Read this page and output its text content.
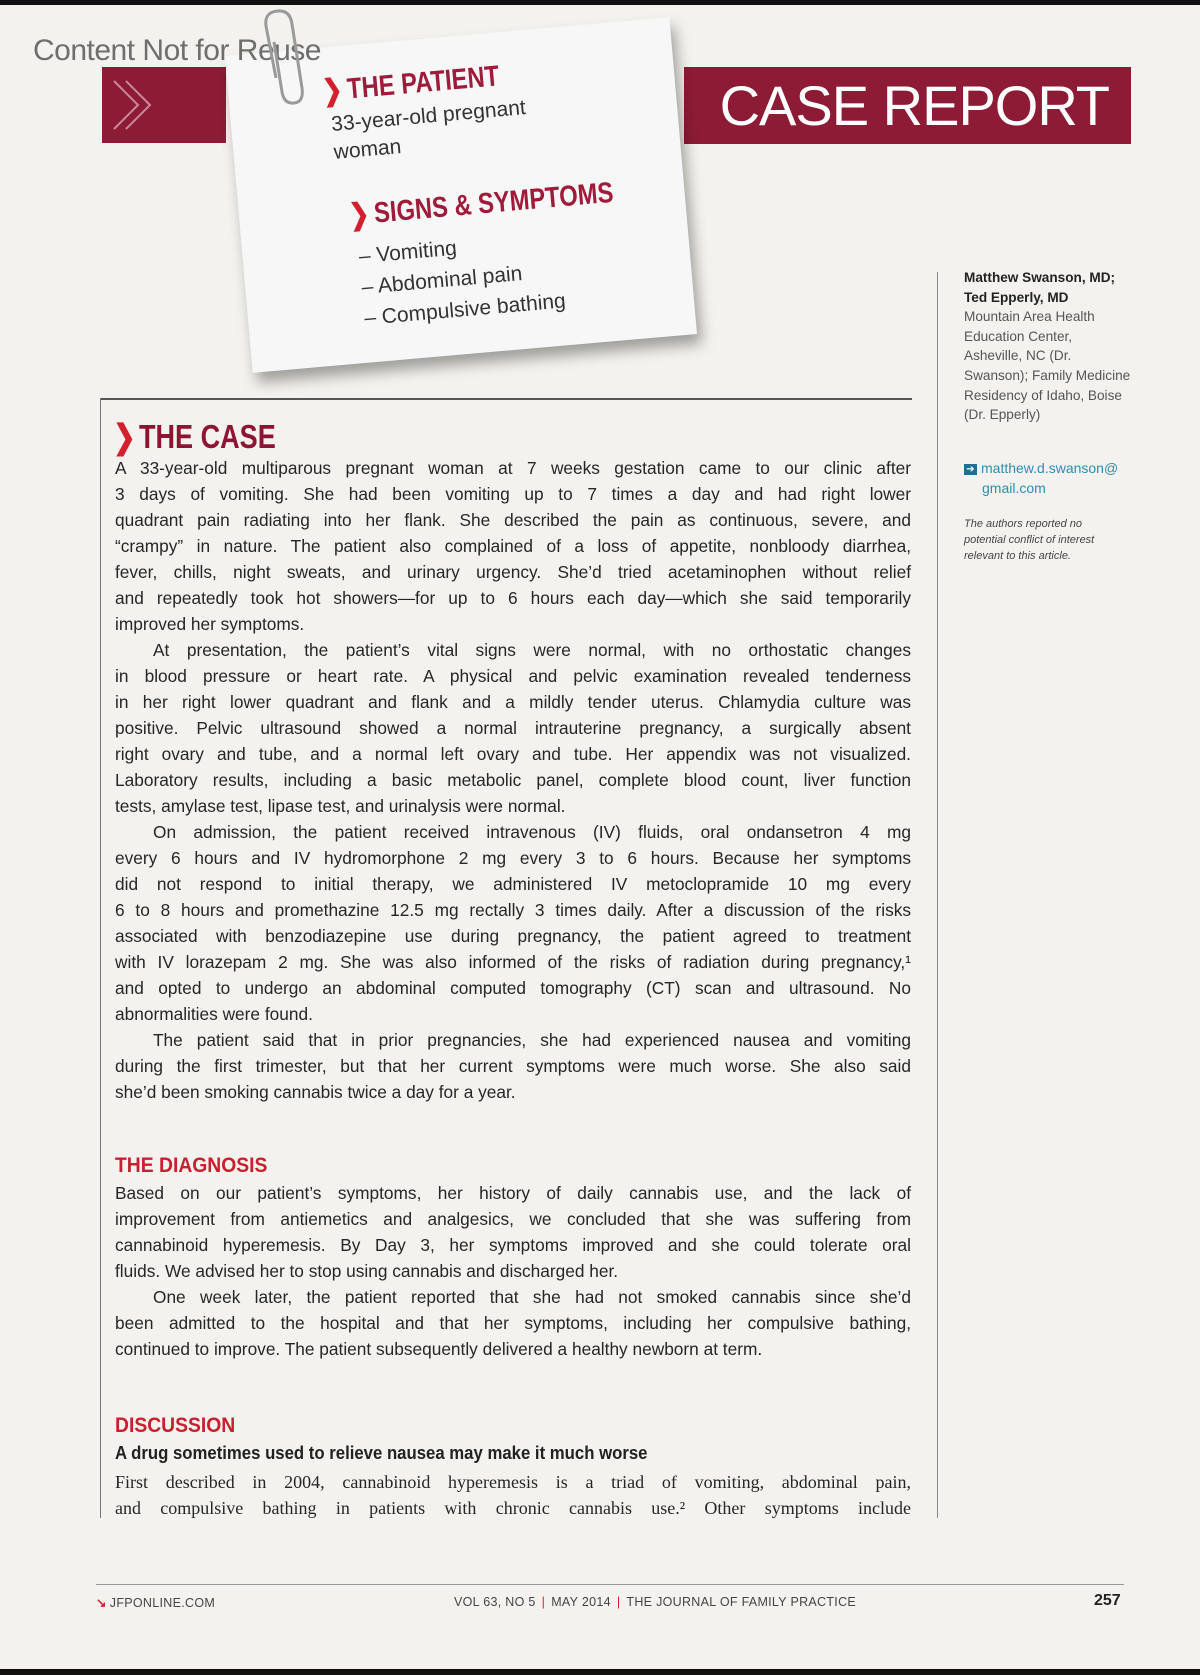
Content Not for Reuse
CASE REPORT
❯THE PATIENT
33-year-old pregnant
woman
❯SIGNS & SYMPTOMS
– Vomiting
– Abdominal pain
– Compulsive bathing
❯THE CASE
A 33-year-old multiparous pregnant woman at 7 weeks gestation came to our clinic after
3 days of vomiting. She had been vomiting up to 7 times a day and had right lower
quadrant pain radiating into her flank. She described the pain as continuous, severe, and
“crampy” in nature. The patient also complained of a loss of appetite, nonbloody diarrhea,
fever, chills, night sweats, and urinary urgency. She’d tried acetaminophen without relief
and repeatedly took hot showers—for up to 6 hours each day—which she said temporarily
improved her symptoms.
At presentation, the patient’s vital signs were normal, with no orthostatic changes
in blood pressure or heart rate. A physical and pelvic examination revealed tenderness
in her right lower quadrant and flank and a mildly tender uterus. Chlamydia culture was
positive. Pelvic ultrasound showed a normal intrauterine pregnancy, a surgically absent
right ovary and tube, and a normal left ovary and tube. Her appendix was not visualized.
Laboratory results, including a basic metabolic panel, complete blood count, liver function
tests, amylase test, lipase test, and urinalysis were normal.
On admission, the patient received intravenous (IV) fluids, oral ondansetron 4 mg
every 6 hours and IV hydromorphone 2 mg every 3 to 6 hours. Because her symptoms
did not respond to initial therapy, we administered IV metoclopramide 10 mg every
6 to 8 hours and promethazine 12.5 mg rectally 3 times daily. After a discussion of the risks
associated with benzodiazepine use during pregnancy, the patient agreed to treatment
with IV lorazepam 2 mg. She was also informed of the risks of radiation during pregnancy,¹
and opted to undergo an abdominal computed tomography (CT) scan and ultrasound. No
abnormalities were found.
The patient said that in prior pregnancies, she had experienced nausea and vomiting
during the first trimester, but that her current symptoms were much worse. She also said
she’d been smoking cannabis twice a day for a year.
THE DIAGNOSIS
Based on our patient’s symptoms, her history of daily cannabis use, and the lack of
improvement from antiemetics and analgesics, we concluded that she was suffering from
cannabinoid hyperemesis. By Day 3, her symptoms improved and she could tolerate oral
fluids. We advised her to stop using cannabis and discharged her.
One week later, the patient reported that she had not smoked cannabis since she’d
been admitted to the hospital and that her symptoms, including her compulsive bathing,
continued to improve. The patient subsequently delivered a healthy newborn at term.
DISCUSSION
A drug sometimes used to relieve nausea may make it much worse
First described in 2004, cannabinoid hyperemesis is a triad of vomiting, abdominal pain,
and compulsive bathing in patients with chronic cannabis use.² Other symptoms include
Matthew Swanson, MD;
Ted Epperly, MD
Mountain Area Health
Education Center,
Asheville, NC (Dr.
Swanson); Family Medicine
Residency of Idaho, Boise
(Dr. Epperly)
➔ matthew.d.swanson@
gmail.com
The authors reported no
potential conflict of interest
relevant to this article.
↘ JFPONLINE.COM	VOL 63, NO 5 | MAY 2014 | THE JOURNAL OF FAMILY PRACTICE	257
